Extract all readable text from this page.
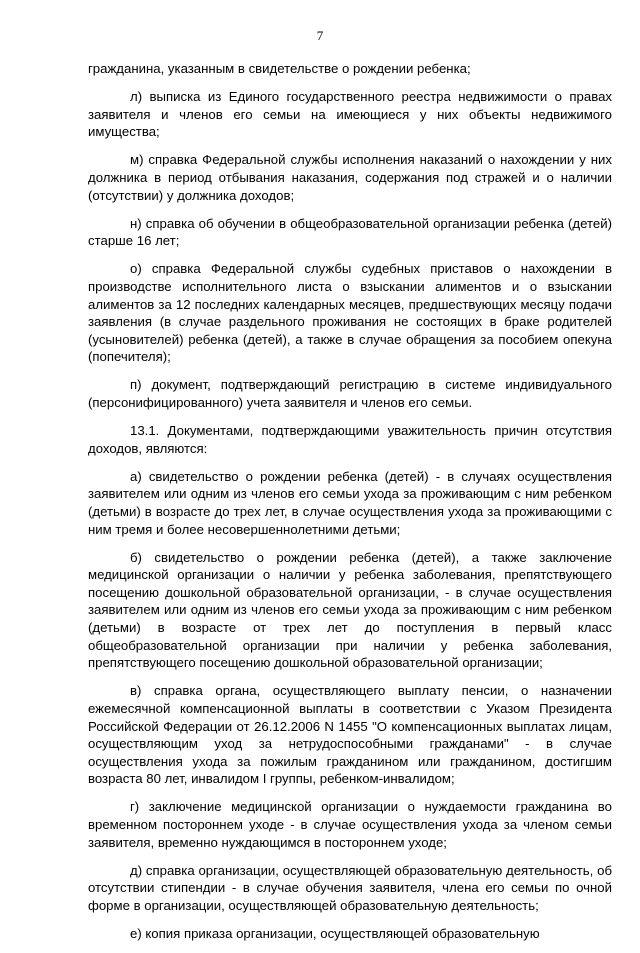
7

гражданина, указанным в свидетельстве о рождении ребенка;

л) выписка из Единого государственного реестра недвижимости о правах заявителя и членов его семьи на имеющиеся у них объекты недвижимого имущества;

м) справка Федеральной службы исполнения наказаний о нахождении у них должника в период отбывания наказания, содержания под стражей и о наличии (отсутствии) у должника доходов;

н) справка об обучении в общеобразовательной организации ребенка (детей) старше 16 лет;

о) справка Федеральной службы судебных приставов о нахождении в производстве исполнительного листа о взыскании алиментов и о взыскании алиментов за 12 последних календарных месяцев, предшествующих месяцу подачи заявления (в случае раздельного проживания не состоящих в браке родителей (усыновителей) ребенка (детей), а также в случае обращения за пособием опекуна (попечителя);

п) документ, подтверждающий регистрацию в системе индивидуального (персонифицированного) учета заявителя и членов его семьи.

13.1. Документами, подтверждающими уважительность причин отсутствия доходов, являются:

а) свидетельство о рождении ребенка (детей) - в случаях осуществления заявителем или одним из членов его семьи ухода за проживающим с ним ребенком (детьми) в возрасте до трех лет, в случае осуществления ухода за проживающими с ним тремя и более несовершеннолетними детьми;

б) свидетельство о рождении ребенка (детей), а также заключение медицинской организации о наличии у ребенка заболевания, препятствующего посещению дошкольной образовательной организации, - в случае осуществления заявителем или одним из членов его семьи ухода за проживающим с ним ребенком (детьми) в возрасте от трех лет до поступления в первый класс общеобразовательной организации при наличии у ребенка заболевания, препятствующего посещению дошкольной образовательной организации;

в) справка органа, осуществляющего выплату пенсии, о назначении ежемесячной компенсационной выплаты в соответствии с Указом Президента Российской Федерации от 26.12.2006 N 1455 "О компенсационных выплатах лицам, осуществляющим уход за нетрудоспособными гражданами" - в случае осуществления ухода за пожилым гражданином или гражданином, достигшим возраста 80 лет, инвалидом I группы, ребенком-инвалидом;

г) заключение медицинской организации о нуждаемости гражданина во временном постороннем уходе - в случае осуществления ухода за членом семьи заявителя, временно нуждающимся в постороннем уходе;

д) справка организации, осуществляющей образовательную деятельность, об отсутствии стипендии - в случае обучения заявителя, члена его семьи по очной форме в организации, осуществляющей образовательную деятельность;

е) копия приказа организации, осуществляющей образовательную
